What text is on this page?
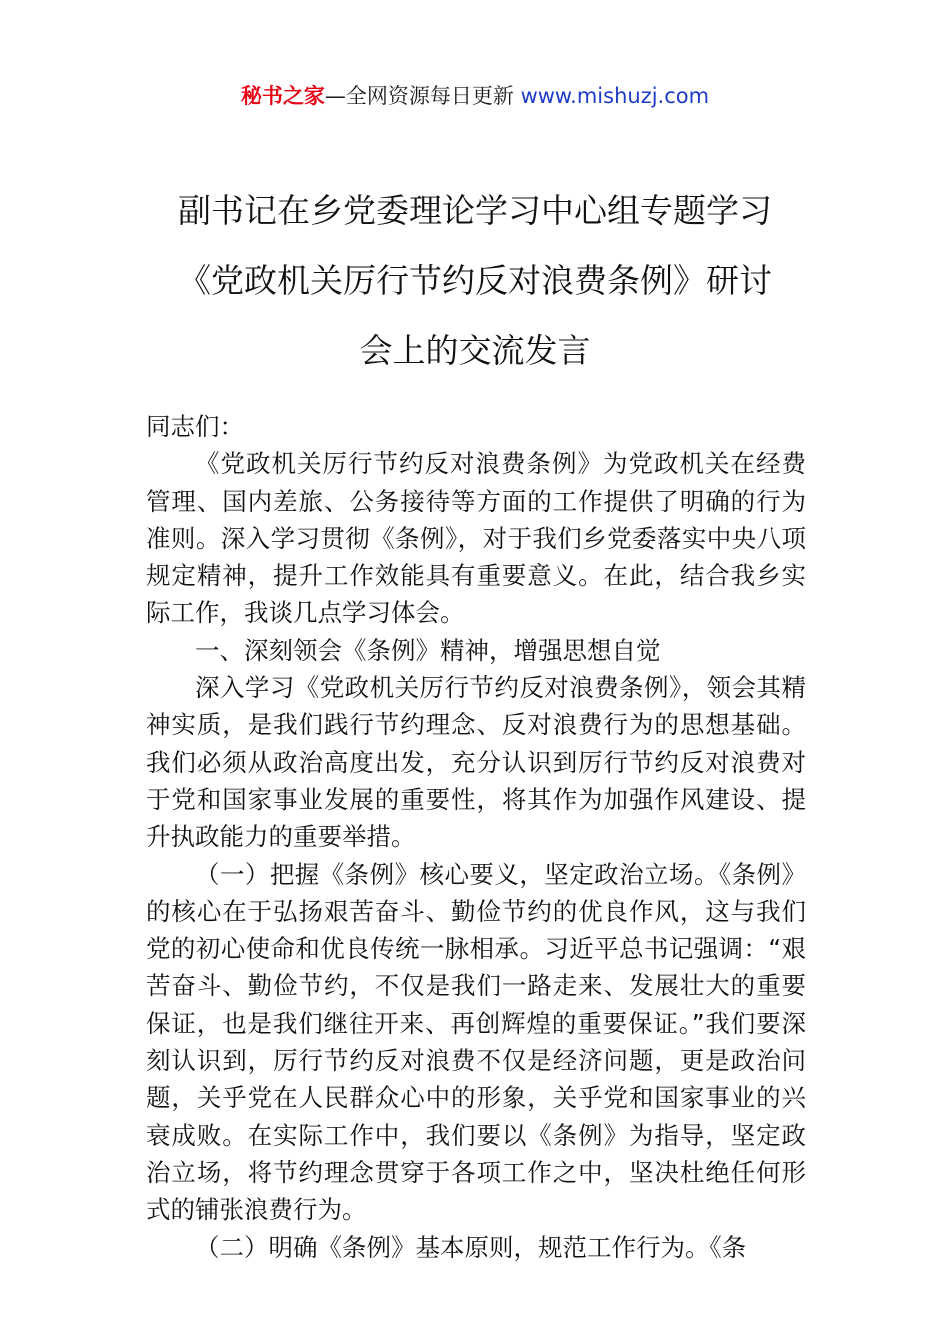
秘书之家—全网资源每日更新 www.mishuzj.com
副书记在乡党委理论学习中心组专题学习
《党政机关厉行节约反对浪费条例》研讨
会上的交流发言

同志们：

《党政机关厉行节约反对浪费条例》为党政机关在经费管理、国内差旅、公务接待等方面的工作提供了明确的行为准则。深入学习贯彻《条例》，对于我们乡党委落实中央八项规定精神，提升工作效能具有重要意义。在此，结合我乡实际工作，我谈几点学习体会。

一、深刻领会《条例》精神，增强思想自觉

深入学习《党政机关厉行节约反对浪费条例》，领会其精神实质，是我们践行节约理念、反对浪费行为的思想基础。我们必须从政治高度出发，充分认识到厉行节约反对浪费对于党和国家事业发展的重要性，将其作为加强作风建设、提升执政能力的重要举措。

（一）把握《条例》核心要义，坚定政治立场。《条例》的核心在于弘扬艰苦奋斗、勤俭节约的优良作风，这与我们党的初心使命和优良传统一脉相承。习近平总书记强调：“艰苦奋斗、勤俭节约，不仅是我们一路走来、发展壮大的重要保证，也是我们继往开来、再创辉煌的重要保证。”我们要深刻认识到，厉行节约反对浪费不仅是经济问题，更是政治问题，关乎党在人民群众心中的形象，关乎党和国家事业的兴衰成败。在实际工作中，我们要以《条例》为指导，坚定政治立场，将节约理念贯穿于各项工作之中，坚决杜绝任何形式的铺张浪费行为。

（二）明确《条例》基本原则，规范工作行为。《条
